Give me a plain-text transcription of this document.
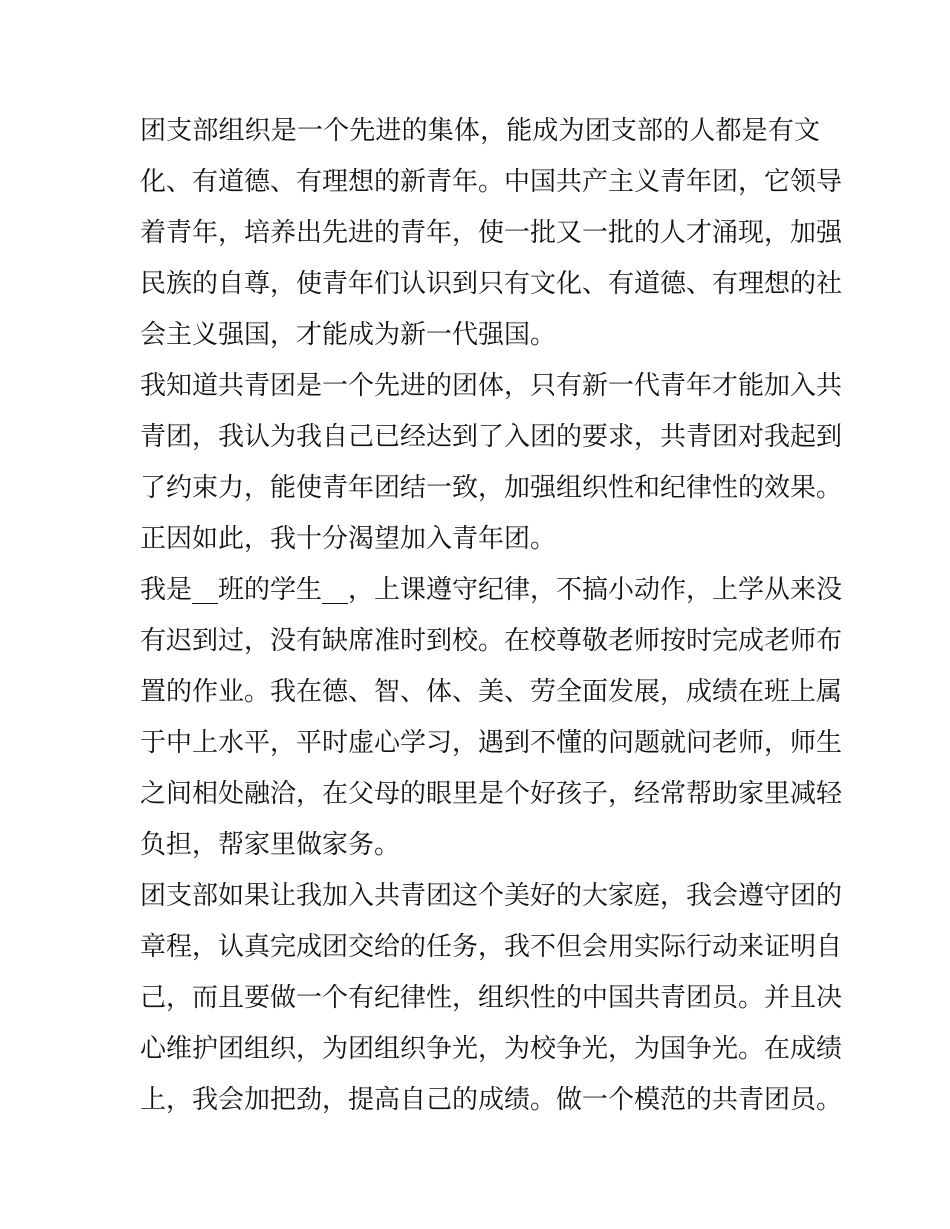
团支部组织是一个先进的集体，能成为团支部的人都是有文
化、有道德、有理想的新青年。中国共产主义青年团，它领导
着青年，培养出先进的青年，使一批又一批的人才涌现，加强
民族的自尊，使青年们认识到只有文化、有道德、有理想的社
会主义强国，才能成为新一代强国。
我知道共青团是一个先进的团体，只有新一代青年才能加入共
青团，我认为我自己已经达到了入团的要求，共青团对我起到
了约束力，能使青年团结一致，加强组织性和纪律性的效果。
正因如此，我十分渴望加入青年团。
我是__班的学生__，上课遵守纪律，不搞小动作，上学从来没
有迟到过，没有缺席准时到校。在校尊敬老师按时完成老师布
置的作业。我在德、智、体、美、劳全面发展，成绩在班上属
于中上水平，平时虚心学习，遇到不懂的问题就问老师，师生
之间相处融洽，在父母的眼里是个好孩子，经常帮助家里减轻
负担，帮家里做家务。
团支部如果让我加入共青团这个美好的大家庭，我会遵守团的
章程，认真完成团交给的任务，我不但会用实际行动来证明自
己，而且要做一个有纪律性，组织性的中国共青团员。并且决
心维护团组织，为团组织争光，为校争光，为国争光。在成绩
上，我会加把劲，提高自己的成绩。做一个模范的共青团员。
